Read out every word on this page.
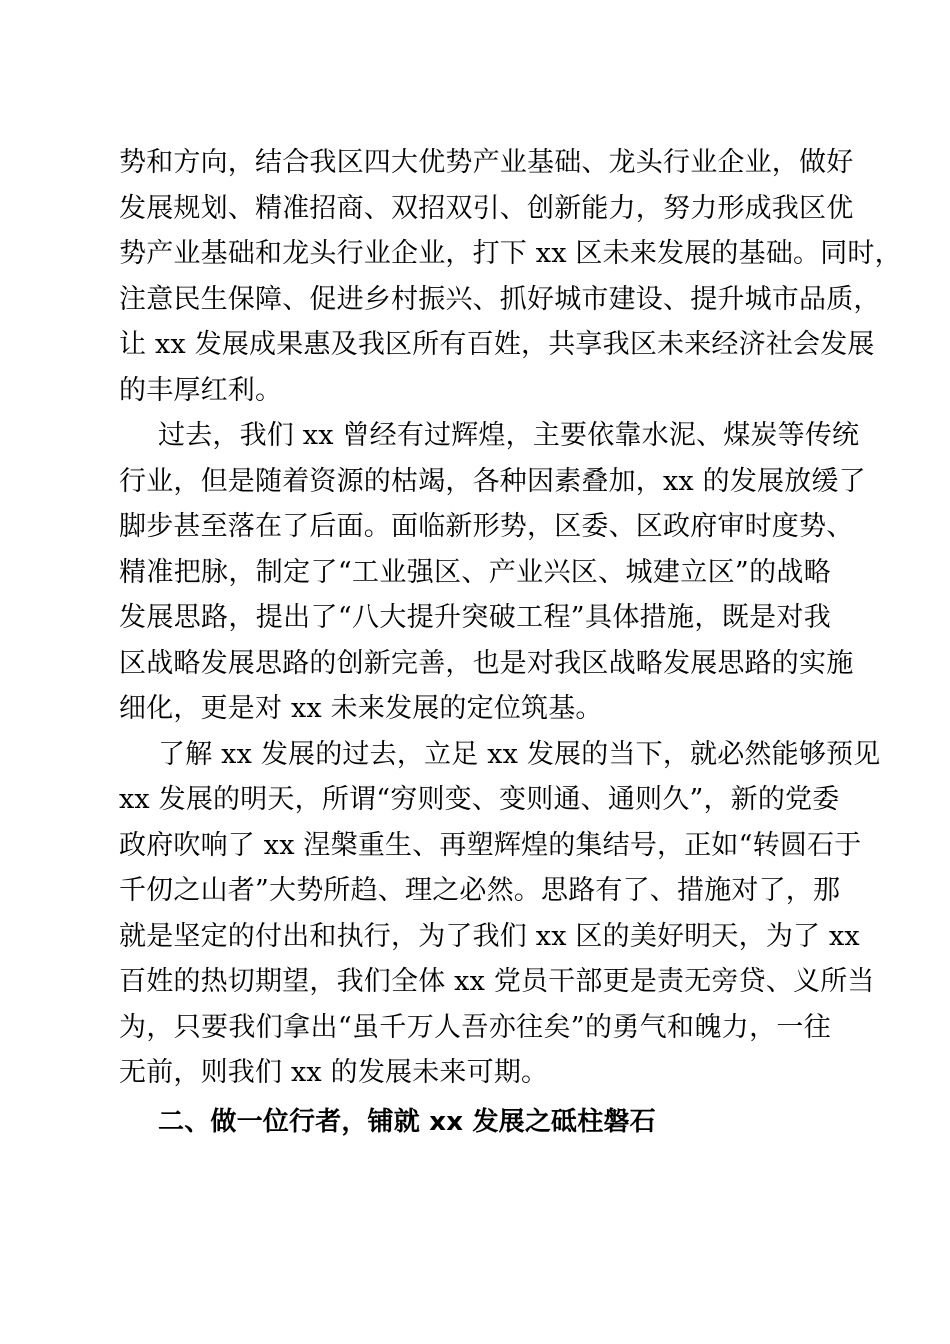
势和方向，结合我区四大优势产业基础、龙头行业企业，做好
发展规划、精准招商、双招双引、创新能力，努力形成我区优
势产业基础和龙头行业企业，打下 xx 区未来发展的基础。同时，
注意民生保障、促进乡村振兴、抓好城市建设、提升城市品质，
让 xx 发展成果惠及我区所有百姓，共享我区未来经济社会发展
的丰厚红利。
过去，我们 xx 曾经有过辉煌，主要依靠水泥、煤炭等传统
行业，但是随着资源的枯竭，各种因素叠加，xx 的发展放缓了
脚步甚至落在了后面。面临新形势，区委、区政府审时度势、
精准把脉，制定了“工业强区、产业兴区、城建立区”的战略
发展思路，提出了“八大提升突破工程”具体措施，既是对我
区战略发展思路的创新完善，也是对我区战略发展思路的实施
细化，更是对 xx 未来发展的定位筑基。
了解 xx 发展的过去，立足 xx 发展的当下，就必然能够预见
xx 发展的明天，所谓“穷则变、变则通、通则久”，新的党委
政府吹响了 xx 涅槃重生、再塑辉煌的集结号，正如“转圆石于
千仞之山者”大势所趋、理之必然。思路有了、措施对了，那
就是坚定的付出和执行，为了我们 xx 区的美好明天，为了 xx
百姓的热切期望，我们全体 xx 党员干部更是责无旁贷、义所当
为，只要我们拿出“虽千万人吾亦往矣”的勇气和魄力，一往
无前，则我们 xx 的发展未来可期。
二、做一位行者，铺就 xx 发展之砥柱磐石
